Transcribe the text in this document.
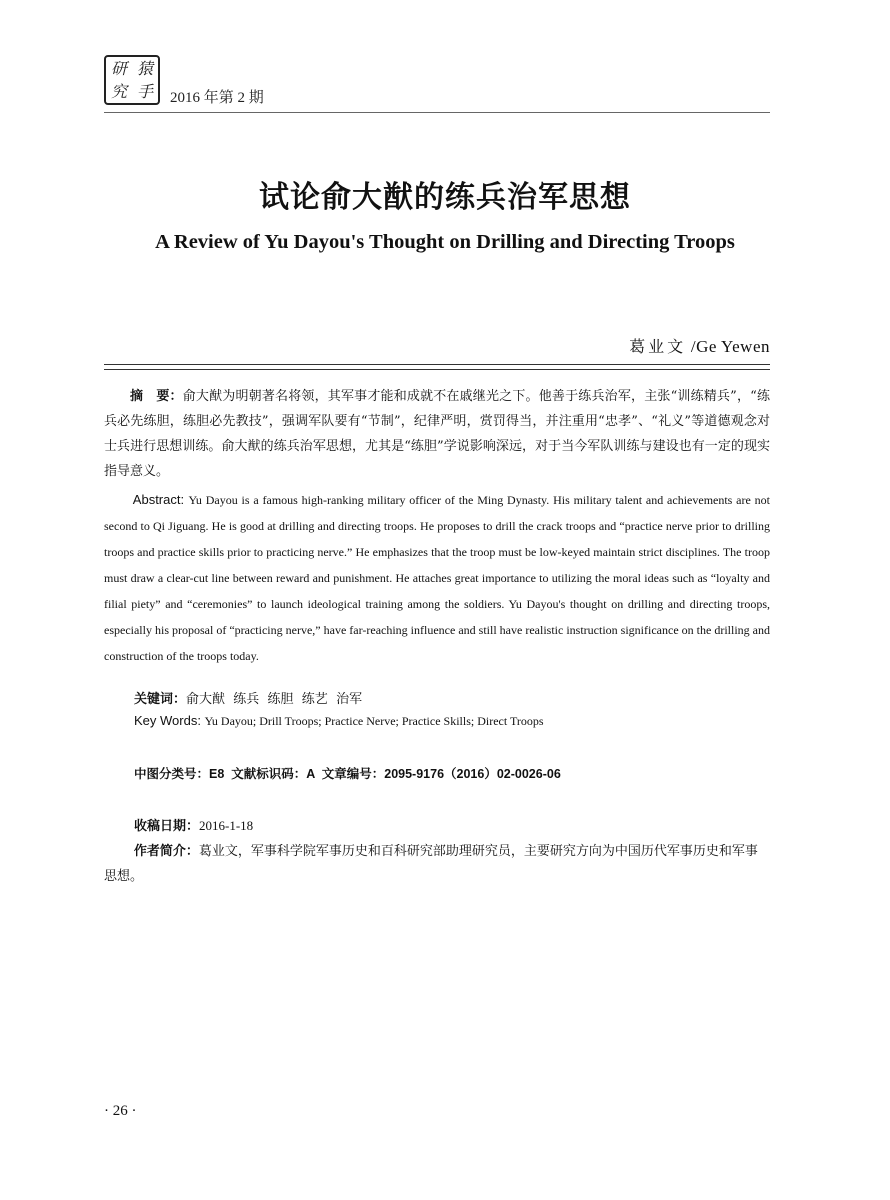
研 猿
究 手 2016 年第 2 期
试论俞大猷的练兵治军思想
A Review of Yu Dayou's Thought on Drilling and Directing Troops
葛业文 /Ge Yewen
摘　要：俞大猷为明朝著名将领，其军事才能和成就不在戚继光之下。他善于练兵治军，主张“训练精兵”，“练兵必先练胆，练胆必先教技”，强调军队要有“节制”，纪律严明，赏罚得当，并注重用“忠孝”、“礼义”等道德观念对士兵进行思想训练。俞大猷的练兵治军思想，尤其是“练胆”学说影响深远，对于当今军队训练与建设也有一定的现实指导意义。
Abstract: Yu Dayou is a famous high-ranking military officer of the Ming Dynasty. His military talent and achievements are not second to Qi Jiguang. He is good at drilling and directing troops. He proposes to drill the crack troops and “practice nerve prior to drilling troops and practice skills prior to practicing nerve.” He emphasizes that the troop must be low-keyed maintain strict disciplines. The troop must draw a clear-cut line between reward and punishment. He attaches great importance to utilizing the moral ideas such as “loyalty and filial piety” and “ceremonies” to launch ideological training among the soldiers. Yu Dayou's thought on drilling and directing troops, especially his proposal of “practicing nerve,” have far-reaching influence and still have realistic instruction significance on the drilling and construction of the troops today.
关键词：俞大猷  练兵  练胆  练艺  治军
Key Words: Yu Dayou; Drill Troops; Practice Nerve; Practice Skills; Direct Troops
中图分类号：E8  文献标识码：A  文章编号：2095-9176（2016）02-0026-06
收稿日期：2016-1-18
作者简介：葛业文，军事科学院军事历史和百科研究部助理研究员，主要研究方向为中国历代军事历史和军事思想。
· 26 ·
